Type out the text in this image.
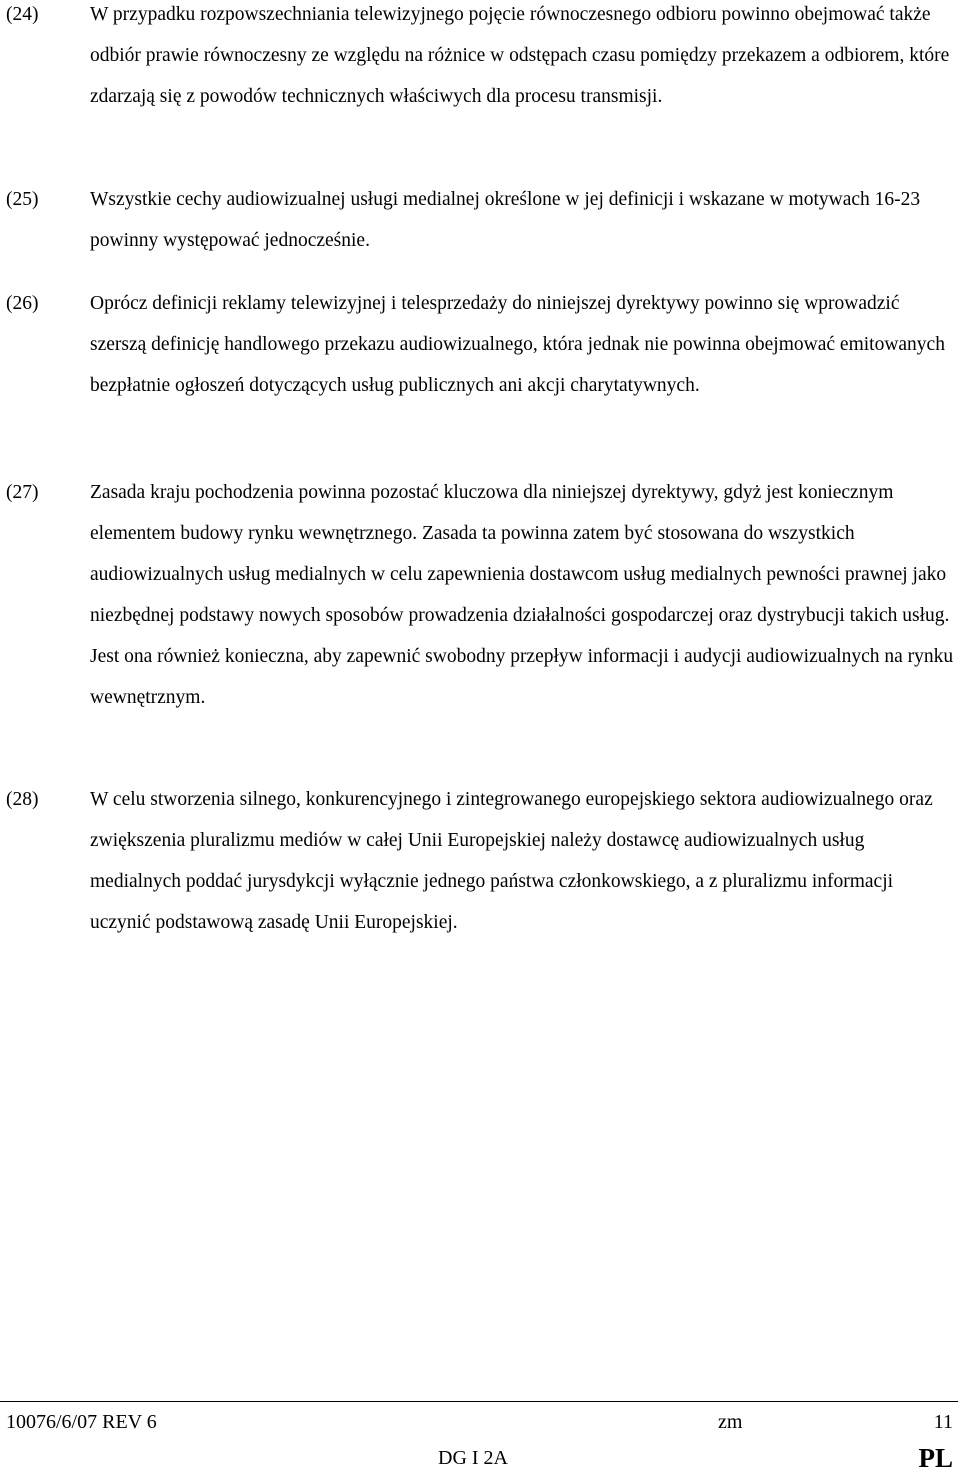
(24)	W przypadku rozpowszechniania telewizyjnego pojęcie równoczesnego odbioru powinno obejmować także odbiór prawie równoczesny ze względu na różnice w odstępach czasu pomiędzy przekazem a odbiorem, które zdarzają się z powodów technicznych właściwych dla procesu transmisji.
(25)	Wszystkie cechy audiowizualnej usługi medialnej określone w jej definicji i wskazane w motywach 16-23 powinny występować jednocześnie.
(26)	Oprócz definicji reklamy telewizyjnej i telesprzedaży do niniejszej dyrektywy powinno się wprowadzić szerszą definicję handlowego przekazu audiowizualnego, która jednak nie powinna obejmować emitowanych bezpłatnie ogłoszeń dotyczących usług publicznych ani akcji charytatywnych.
(27)	Zasada kraju pochodzenia powinna pozostać kluczowa dla niniejszej dyrektywy, gdyż jest koniecznym elementem budowy rynku wewnętrznego. Zasada ta powinna zatem być stosowana do wszystkich audiowizualnych usług medialnych w celu zapewnienia dostawcom usług medialnych pewności prawnej jako niezbędnej podstawy nowych sposobów prowadzenia działalności gospodarczej oraz dystrybucji takich usług. Jest ona również konieczna, aby zapewnić swobodny przepływ informacji i audycji audiowizualnych na rynku wewnętrznym.
(28)	W celu stworzenia silnego, konkurencyjnego i zintegrowanego europejskiego sektora audiowizualnego oraz zwiększenia pluralizmu mediów w całej Unii Europejskiej należy dostawcę audiowizualnych usług medialnych poddać jurysdykcji wyłącznie jednego państwa członkowskiego, a z pluralizmu informacji uczynić podstawową zasadę Unii Europejskiej.
10076/6/07 REV 6	zm	11
DG I 2A	PL
